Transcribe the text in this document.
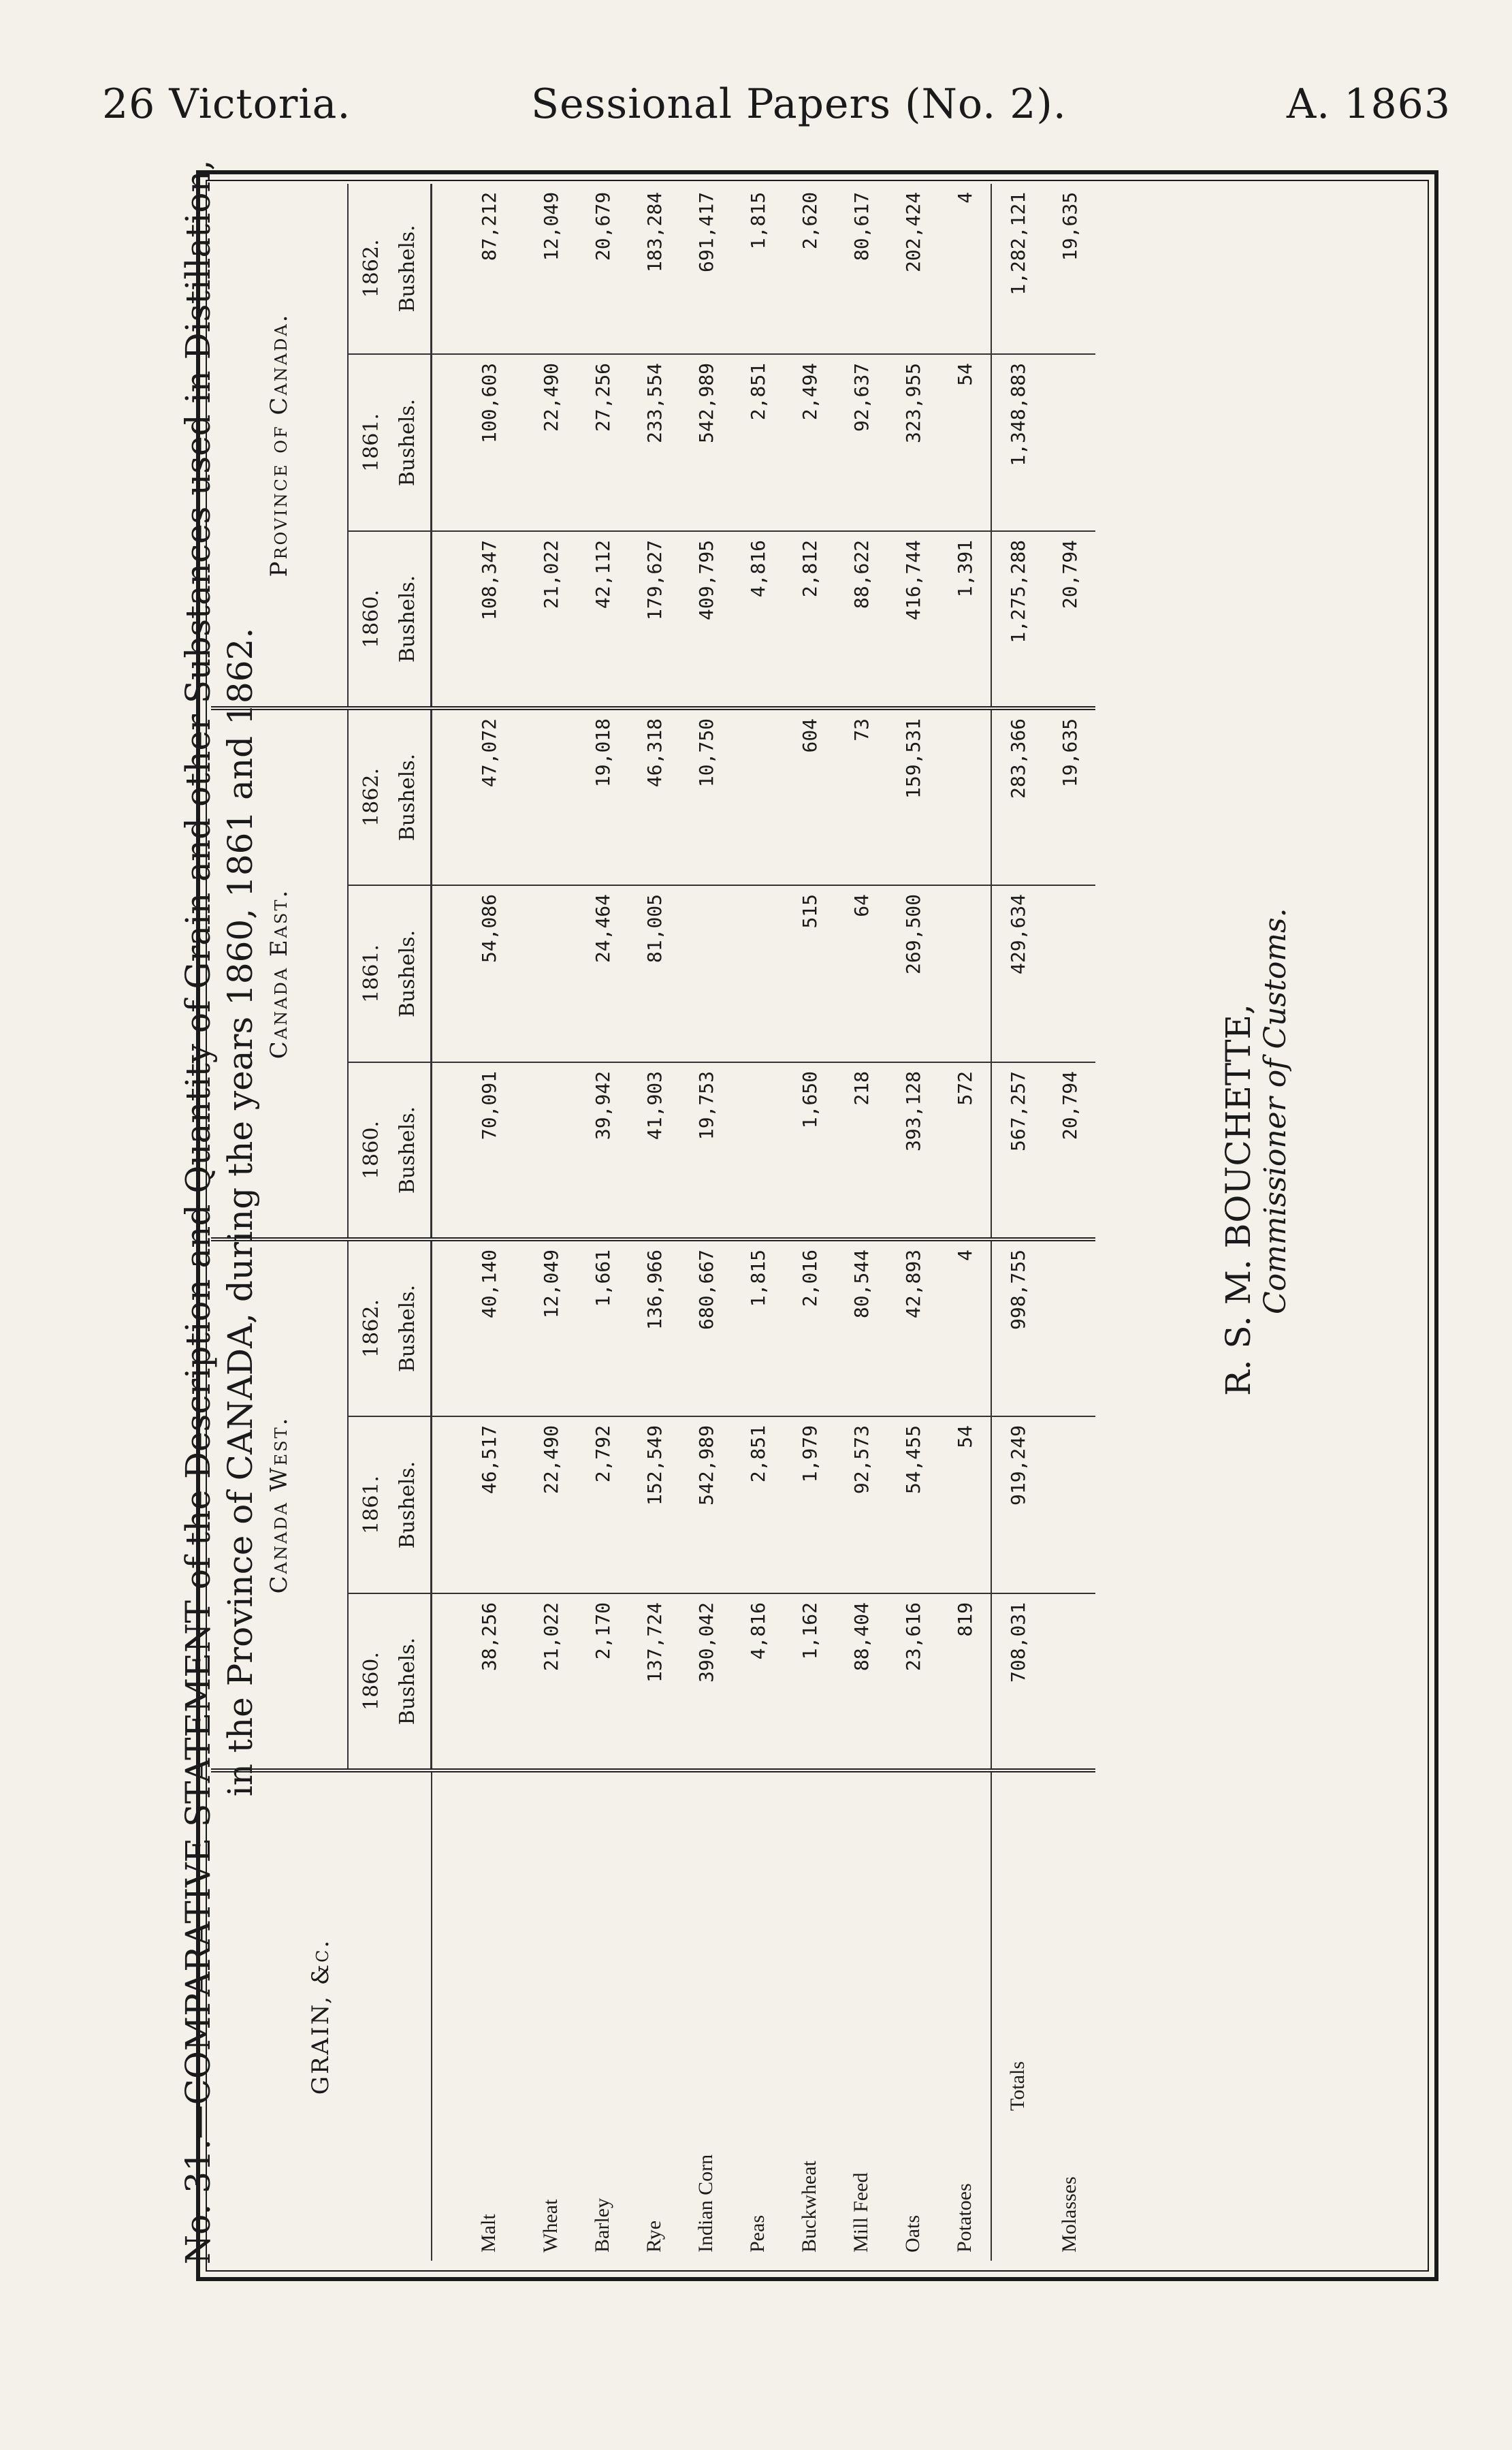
26 Victoria.	Sessional Papers (No. 2).	A. 1863
No. 31.—COMPARATIVE STATEMENT of the Description and Quantity of Grain and other Substances used in Distillation, in the Province of CANADA, during the years 1860, 1861 and 1862.
GRAIN, &c.	Canada West.			Canada East.			Province of Canada.		
	1860. Bushels.	1861. Bushels.	1862. Bushels.	1860. Bushels.	1861. Bushels.	1862. Bushels.	1860. Bushels.	1861. Bushels.	1862. Bushels.

Malt	38,256	46,517	40,140	70,091	54,086	47,072	108,347	100,603	87,212
Wheat	21,022	22,490	12,049				21,022	22,490	12,049
Barley	2,170	2,792	1,661	39,942	24,464	19,018	42,112	27,256	20,679
Rye	137,724	152,549	136,966	41,903	81,005	46,318	179,627	233,554	183,284
Indian Corn	390,042	542,989	680,667	19,753		10,750	409,795	542,989	691,417
Peas	4,816	2,851	1,815				4,816	2,851	1,815
Buckwheat	1,162	1,979	2,016	1,650	515	604	2,812	2,494	2,620
Mill Feed	88,404	92,573	80,544	218	64	73	88,622	92,637	80,617
Oats	23,616	54,455	42,893	393,128	269,500	159,531	416,744	323,955	202,424
Potatoes	819	54	4	572			1,391	54	4
Totals	708,031	919,249	998,755	567,257	429,634	283,366	1,275,288	1,348,883	1,282,121
Molasses				20,794		19,635	20,794		19,635
R. S. M. BOUCHETTE, Commissioner of Customs.
